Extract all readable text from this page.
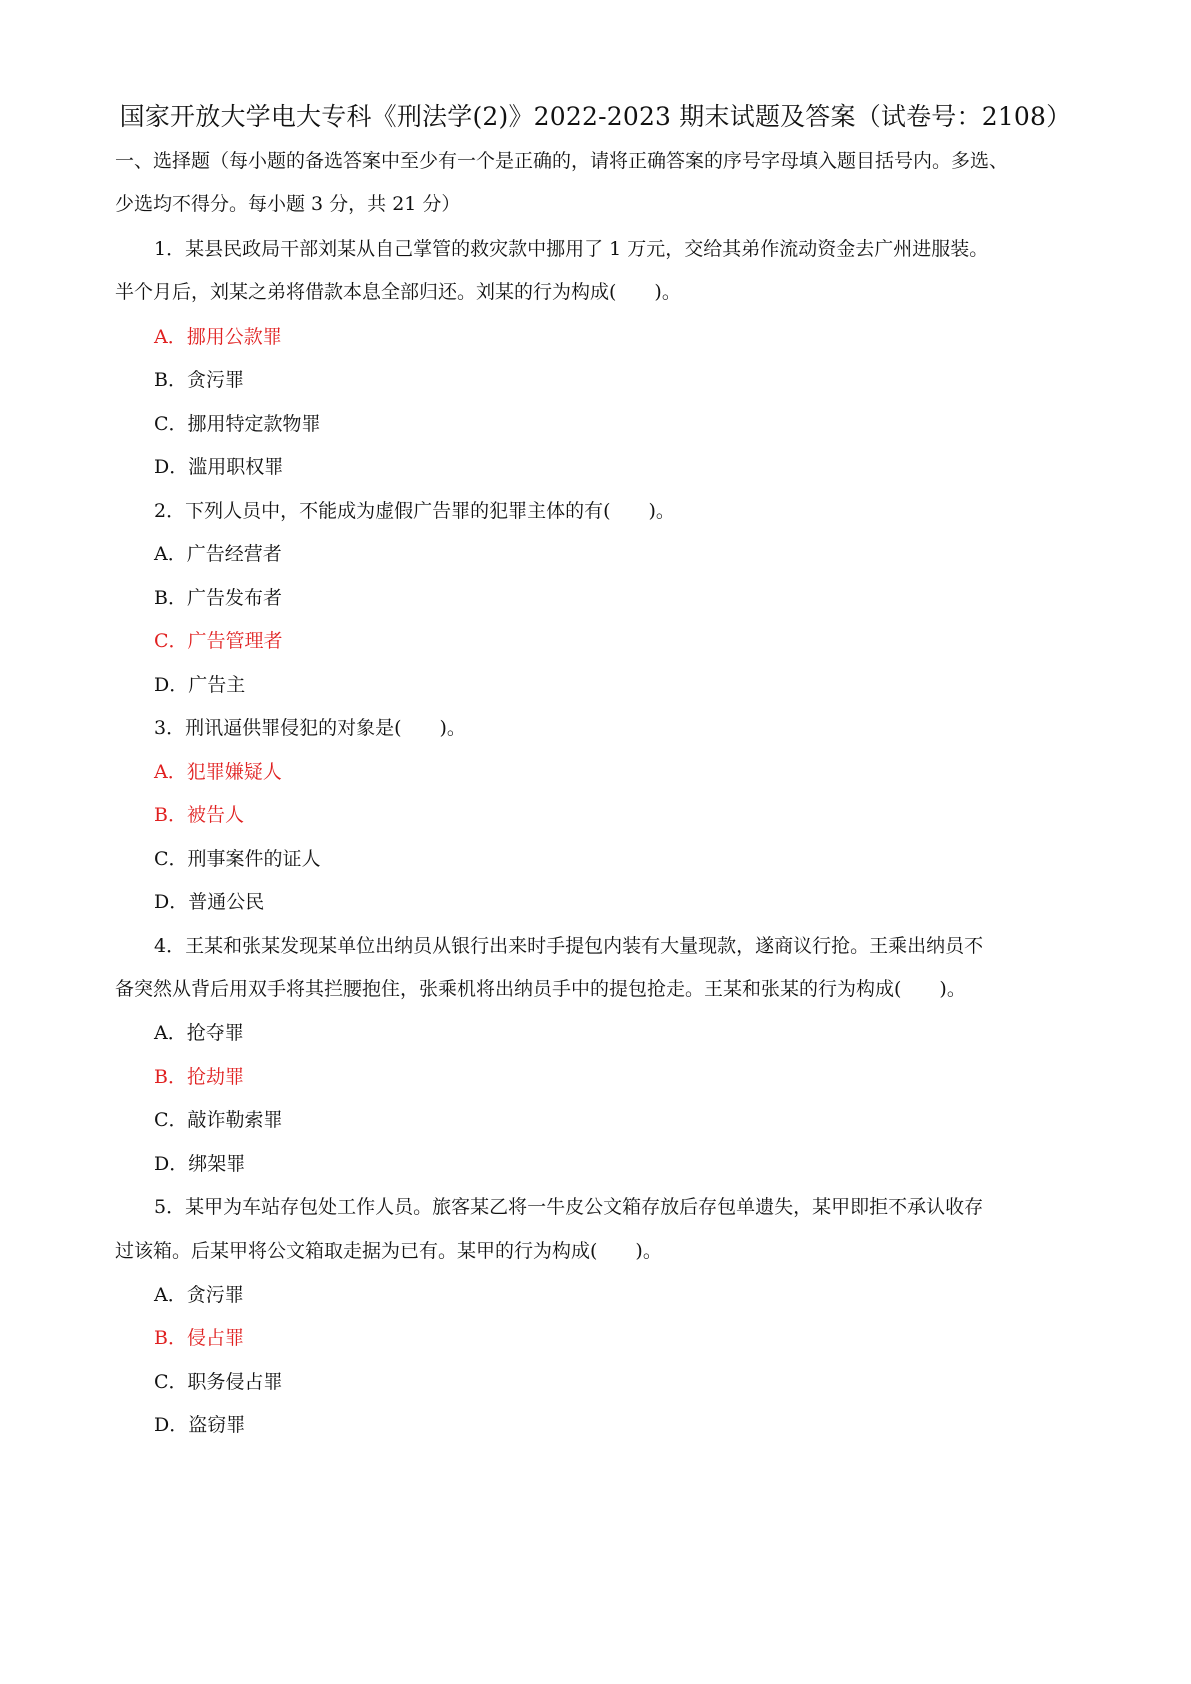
国家开放大学电大专科《刑法学(2)》2022-2023 期末试题及答案（试卷号：2108）
一、选择题（每小题的备选答案中至少有一个是正确的，请将正确答案的序号字母填入题目括号内。多选、
少选均不得分。每小题 3 分，共 21 分）
1．某县民政局干部刘某从自己掌管的救灾款中挪用了 1 万元，交给其弟作流动资金去广州进服装。
半个月后，刘某之弟将借款本息全部归还。刘某的行为构成(　　)。
A．挪用公款罪
B．贪污罪
C．挪用特定款物罪
D．滥用职权罪
2．下列人员中，不能成为虚假广告罪的犯罪主体的有(　　)。
A．广告经营者
B．广告发布者
C．广告管理者
D．广告主
3．刑讯逼供罪侵犯的对象是(　　)。
A．犯罪嫌疑人
B．被告人
C．刑事案件的证人
D．普通公民
4．王某和张某发现某单位出纳员从银行出来时手提包内装有大量现款，遂商议行抢。王乘出纳员不
备突然从背后用双手将其拦腰抱住，张乘机将出纳员手中的提包抢走。王某和张某的行为构成(　　)。
A．抢夺罪
B．抢劫罪
C．敲诈勒索罪
D．绑架罪
5．某甲为车站存包处工作人员。旅客某乙将一牛皮公文箱存放后存包单遗失，某甲即拒不承认收存
过该箱。后某甲将公文箱取走据为已有。某甲的行为构成(　　)。
A．贪污罪
B．侵占罪
C．职务侵占罪
D．盗窃罪
